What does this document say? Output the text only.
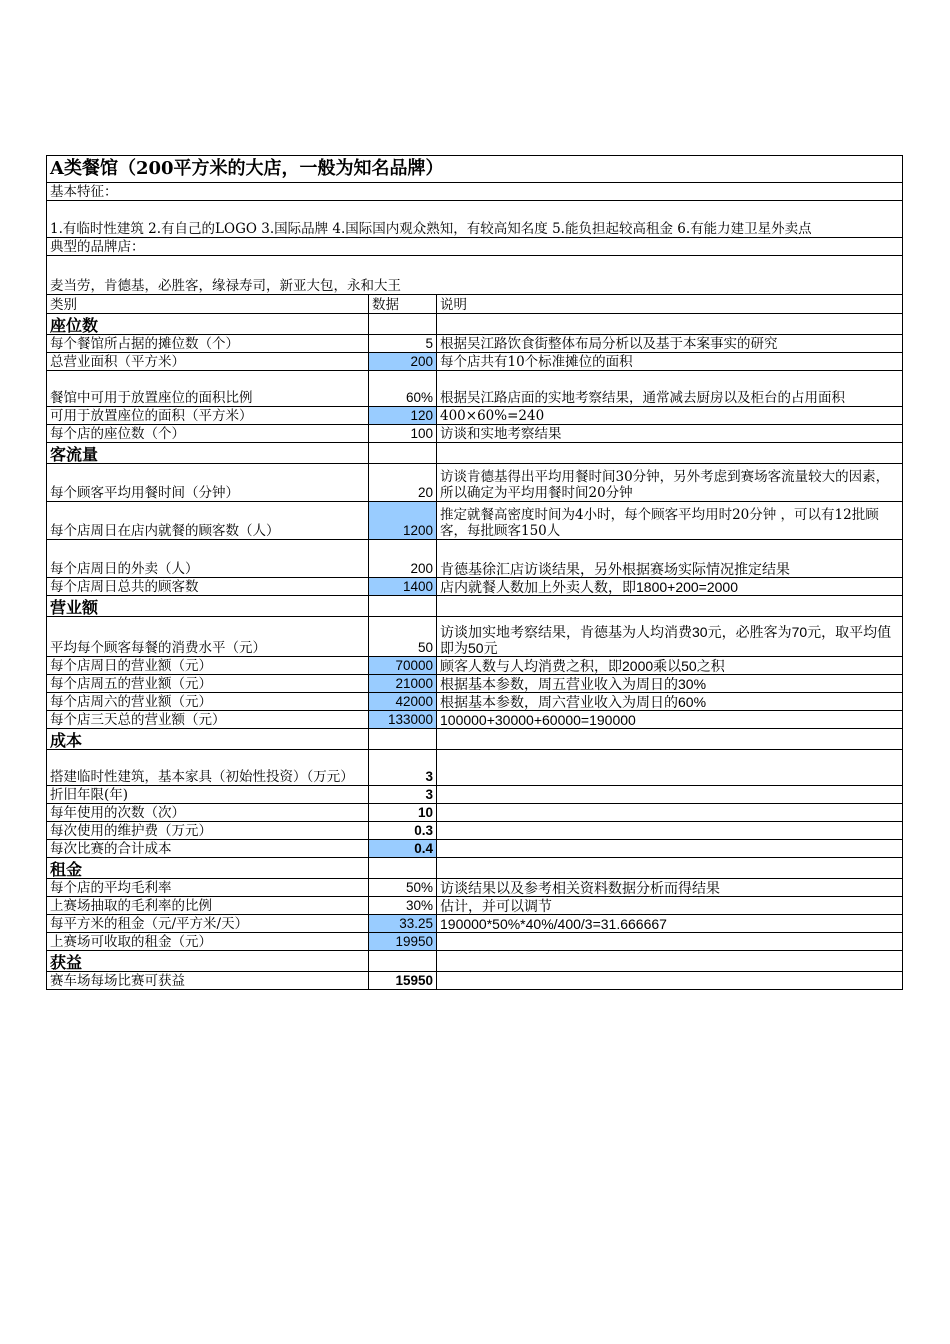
A类餐馆（200平方米的大店，一般为知名品牌）		
基本特征：		
1.有临时性建筑 2.有自己的LOGO 3.国际品牌 4.国际国内观众熟知，有较高知名度 5.能负担起较高租金 6.有能力建卫星外卖点		
典型的品牌店：		
麦当劳，肯德基，必胜客，缘禄寿司，新亚大包，永和大王		
类别	数据	说明
座位数		
每个餐馆所占据的摊位数（个）	5	根据吴江路饮食街整体布局分析以及基于本案事实的研究
总营业面积（平方米）	200	每个店共有10个标准摊位的面积
餐馆中可用于放置座位的面积比例	60%	根据吴江路店面的实地考察结果，通常减去厨房以及柜台的占用面积
可用于放置座位的面积（平方米）	120	400×60%=240
每个店的座位数（个）	100	访谈和实地考察结果
客流量		
每个顾客平均用餐时间（分钟）	20	访谈肯德基得出平均用餐时间30分钟，另外考虑到赛场客流量较大的因素，所以确定为平均用餐时间20分钟
每个店周日在店内就餐的顾客数（人）	1200	推定就餐高密度时间为4小时，每个顾客平均用时20分钟 ，可以有12批顾客，每批顾客150人
每个店周日的外卖（人）	200	肯德基徐汇店访谈结果，另外根据赛场实际情况推定结果
每个店周日总共的顾客数	1400	店内就餐人数加上外卖人数，即1800+200=2000
营业额		
平均每个顾客每餐的消费水平（元）	50	访谈加实地考察结果，肯德基为人均消费30元，必胜客为70元，取平均值即为50元
每个店周日的营业额（元）	70000	顾客人数与人均消费之积，即2000乘以50之积
每个店周五的营业额（元）	21000	根据基本参数，周五营业收入为周日的30%
每个店周六的营业额（元）	42000	根据基本参数，周六营业收入为周日的60%
每个店三天总的营业额（元）	133000	100000+30000+60000=190000
成本		
搭建临时性建筑，基本家具（初始性投资）（万元）	3	
折旧年限(年)	3	
每年使用的次数（次）	10	
每次使用的维护费（万元）	0.3	
每次比赛的合计成本	0.4	
租金		
每个店的平均毛利率	50%	访谈结果以及参考相关资料数据分析而得结果
上赛场抽取的毛利率的比例	30%	估计，并可以调节
每平方米的租金（元/平方米/天）	33.25	190000*50%*40%/400/3=31.666667
上赛场可收取的租金（元）	19950	
获益		
赛车场每场比赛可获益	15950	
